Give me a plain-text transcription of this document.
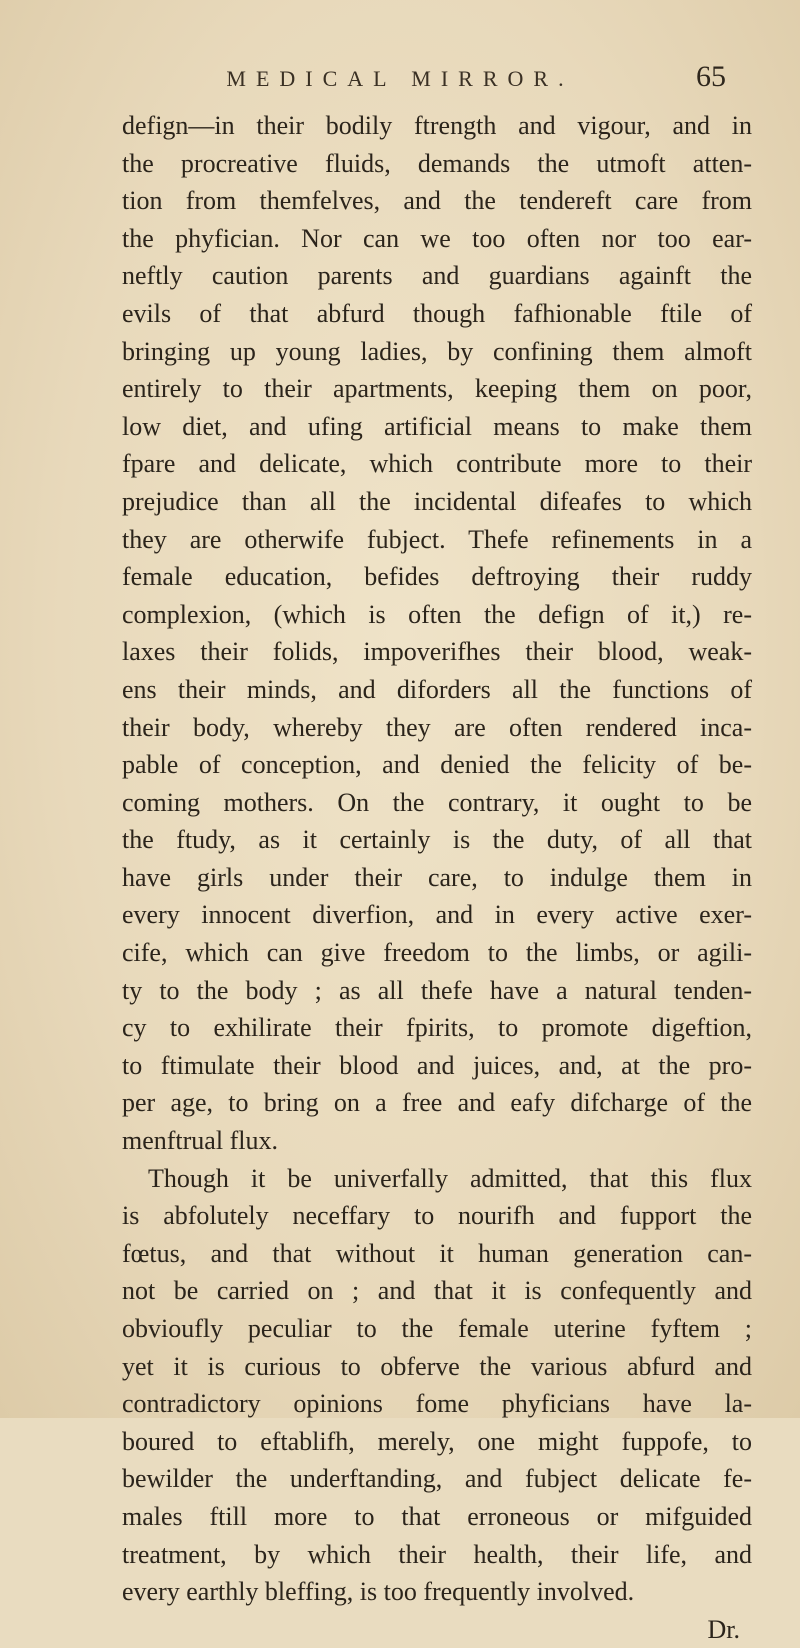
MEDICAL MIRROR.	65
defign—in their bodily ftrength and vigour, and in
the procreative fluids, demands the utmoft atten-
tion from themfelves, and the tendereft care from
the phyfician. Nor can we too often nor too ear-
neftly caution parents and guardians againft the
evils of that abfurd though fafhionable ftile of
bringing up young ladies, by confining them almoft
entirely to their apartments, keeping them on poor,
low diet, and ufing artificial means to make them
fpare and delicate, which contribute more to their
prejudice than all the incidental difeafes to which
they are otherwife fubject. Thefe refinements in a
female education, befides deftroying their ruddy
complexion, (which is often the defign of it,) re-
laxes their folids, impoverifhes their blood, weak-
ens their minds, and diforders all the functions of
their body, whereby they are often rendered inca-
pable of conception, and denied the felicity of be-
coming mothers. On the contrary, it ought to be
the ftudy, as it certainly is the duty, of all that
have girls under their care, to indulge them in
every innocent diverfion, and in every active exer-
cife, which can give freedom to the limbs, or agili-
ty to the body ; as all thefe have a natural tenden-
cy to exhilirate their fpirits, to promote digeftion,
to ftimulate their blood and juices, and, at the pro-
per age, to bring on a free and eafy difcharge of the
menftrual flux.
Though it be univerfally admitted, that this flux
is abfolutely neceffary to nourifh and fupport the
fœtus, and that without it human generation can-
not be carried on ; and that it is confequently and
obvioufly peculiar to the female uterine fyftem ;
yet it is curious to obferve the various abfurd and
contradictory opinions fome phyficians have la-
boured to eftablifh, merely, one might fuppofe, to
bewilder the underftanding, and fubject delicate fe-
males ftill more to that erroneous or mifguided
treatment, by which their health, their life, and
every earthly bleffing, is too frequently involved.
Dr.
